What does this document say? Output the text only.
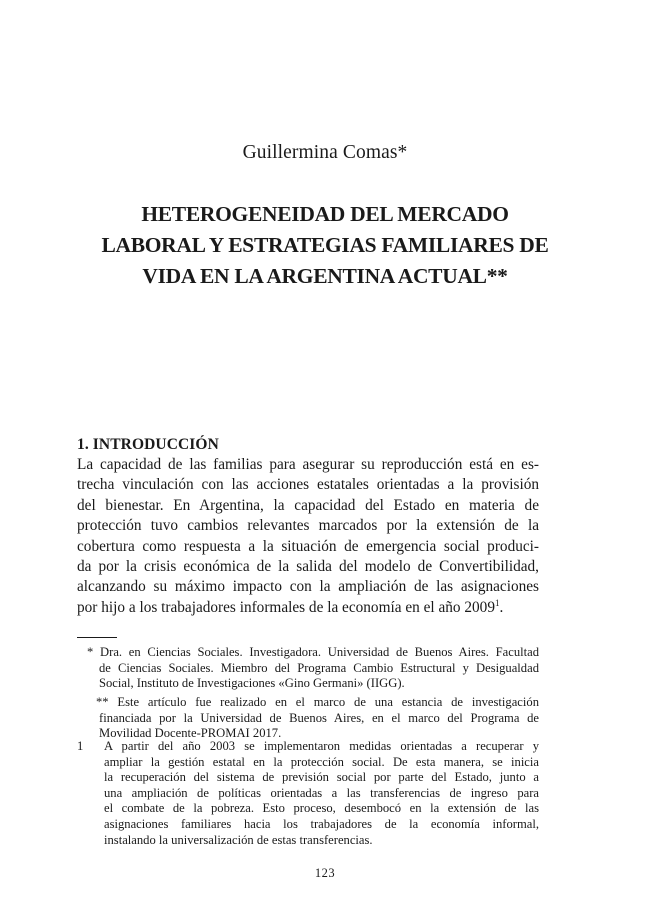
Guillermina Comas*
HETEROGENEIDAD DEL MERCADO
LABORAL Y ESTRATEGIAS FAMILIARES DE
VIDA EN LA ARGENTINA ACTUAL**
1. INTRODUCCIÓN
La capacidad de las familias para asegurar su reproducción está en es-
trecha vinculación con las acciones estatales orientadas a la provisión
del bienestar. En Argentina, la capacidad del Estado en materia de
protección tuvo cambios relevantes marcados por la extensión de la
cobertura como respuesta a la situación de emergencia social produci-
da por la crisis económica de la salida del modelo de Convertibilidad,
alcanzando su máximo impacto con la ampliación de las asignaciones
por hijo a los trabajadores informales de la economía en el año 2009$^1$.
* Dra. en Ciencias Sociales. Investigadora. Universidad de Buenos Aires. Facultad
de Ciencias Sociales. Miembro del Programa Cambio Estructural y Desigualdad
Social, Instituto de Investigaciones «Gino Germani» (IIGG).
** Este artículo fue realizado en el marco de una estancia de investigación
financiada por la Universidad de Buenos Aires, en el marco del Programa de
Movilidad Docente-PROMAI 2017.
1	A partir del año 2003 se implementaron medidas orientadas a recuperar y
ampliar la gestión estatal en la protección social. De esta manera, se inicia
la recuperación del sistema de previsión social por parte del Estado, junto a
una ampliación de políticas orientadas a las transferencias de ingreso para
el combate de la pobreza. Esto proceso, desembocó en la extensión de las
asignaciones familiares hacia los trabajadores de la economía informal,
instalando la universalización de estas transferencias.
123
